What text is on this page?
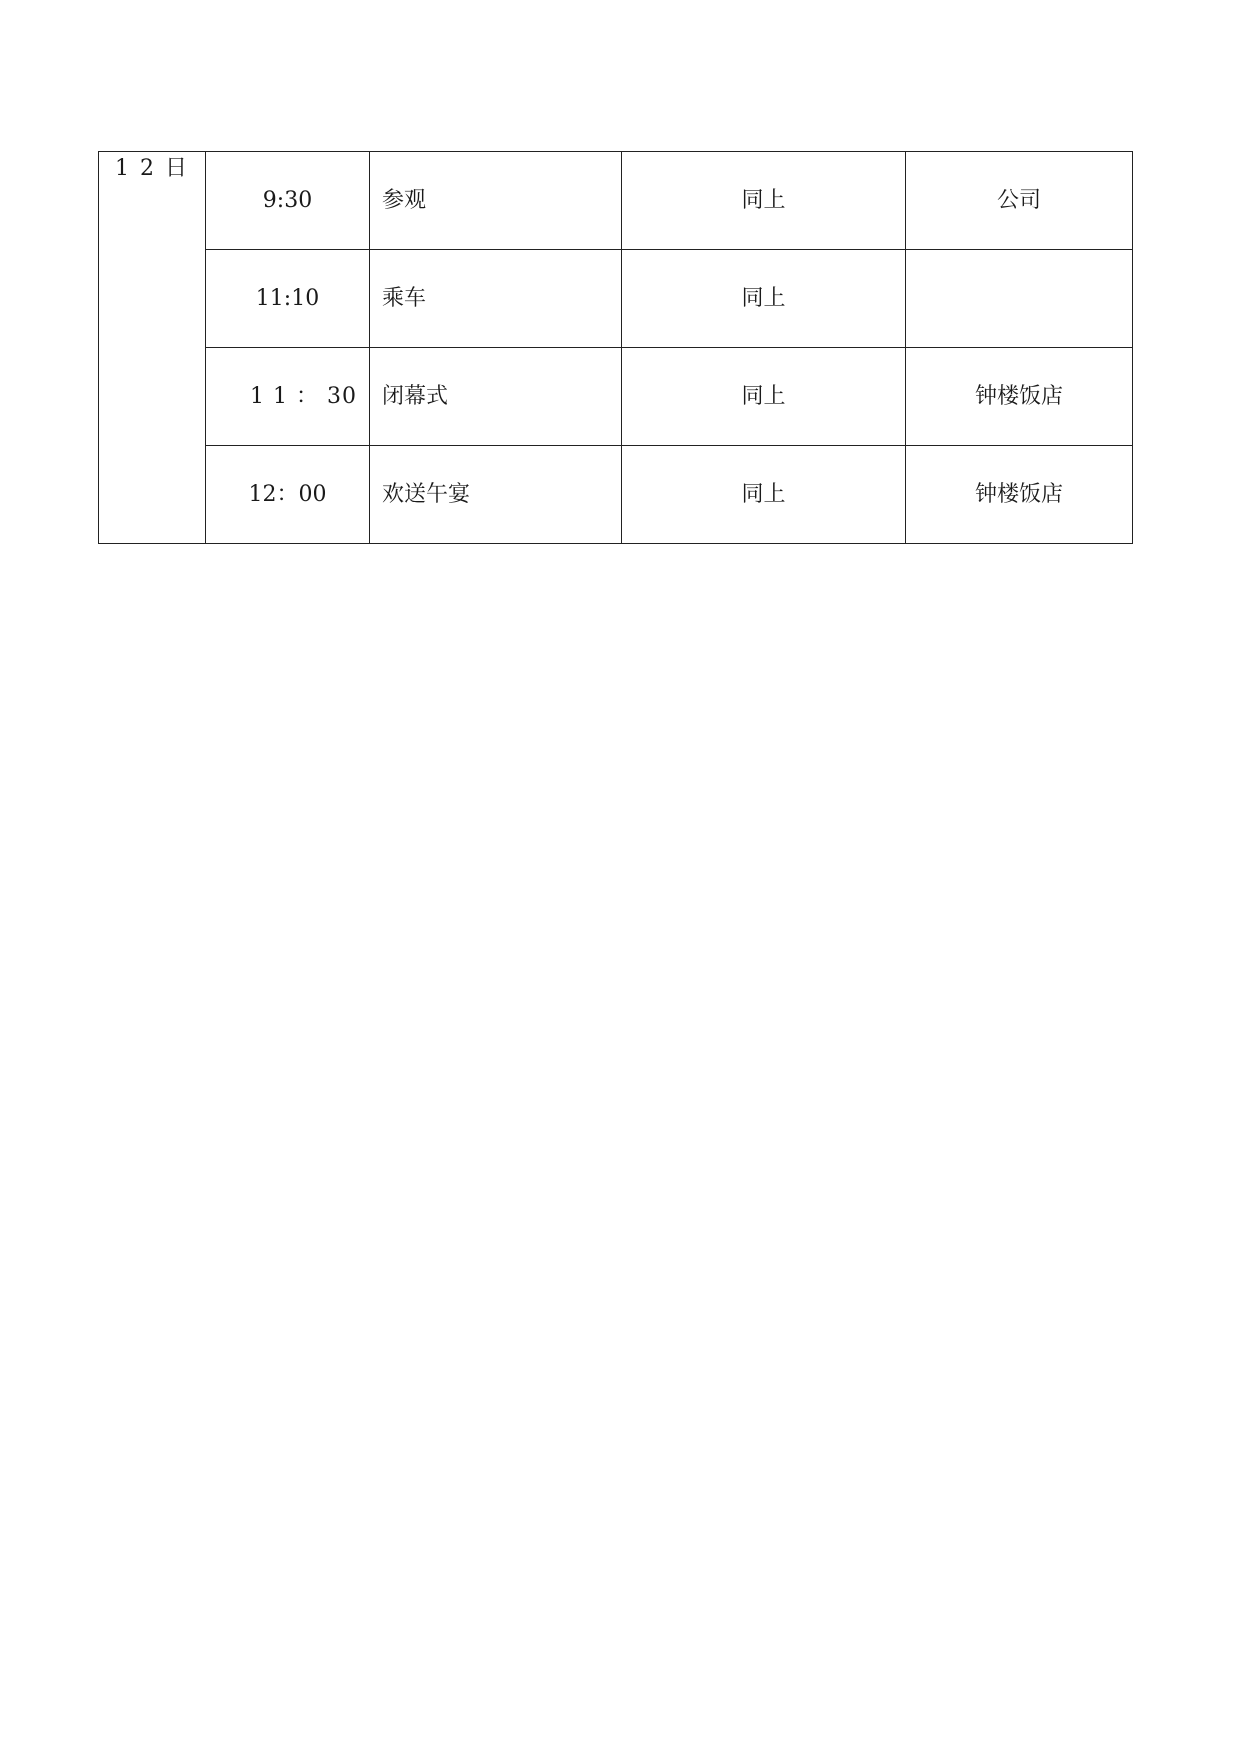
1 2 日	9:30	参观	同上	公司
	11:10	乘车	同上	
	1 1 ： 30	闭幕式	同上	钟楼饭店
	12：00	欢送午宴	同上	钟楼饭店
